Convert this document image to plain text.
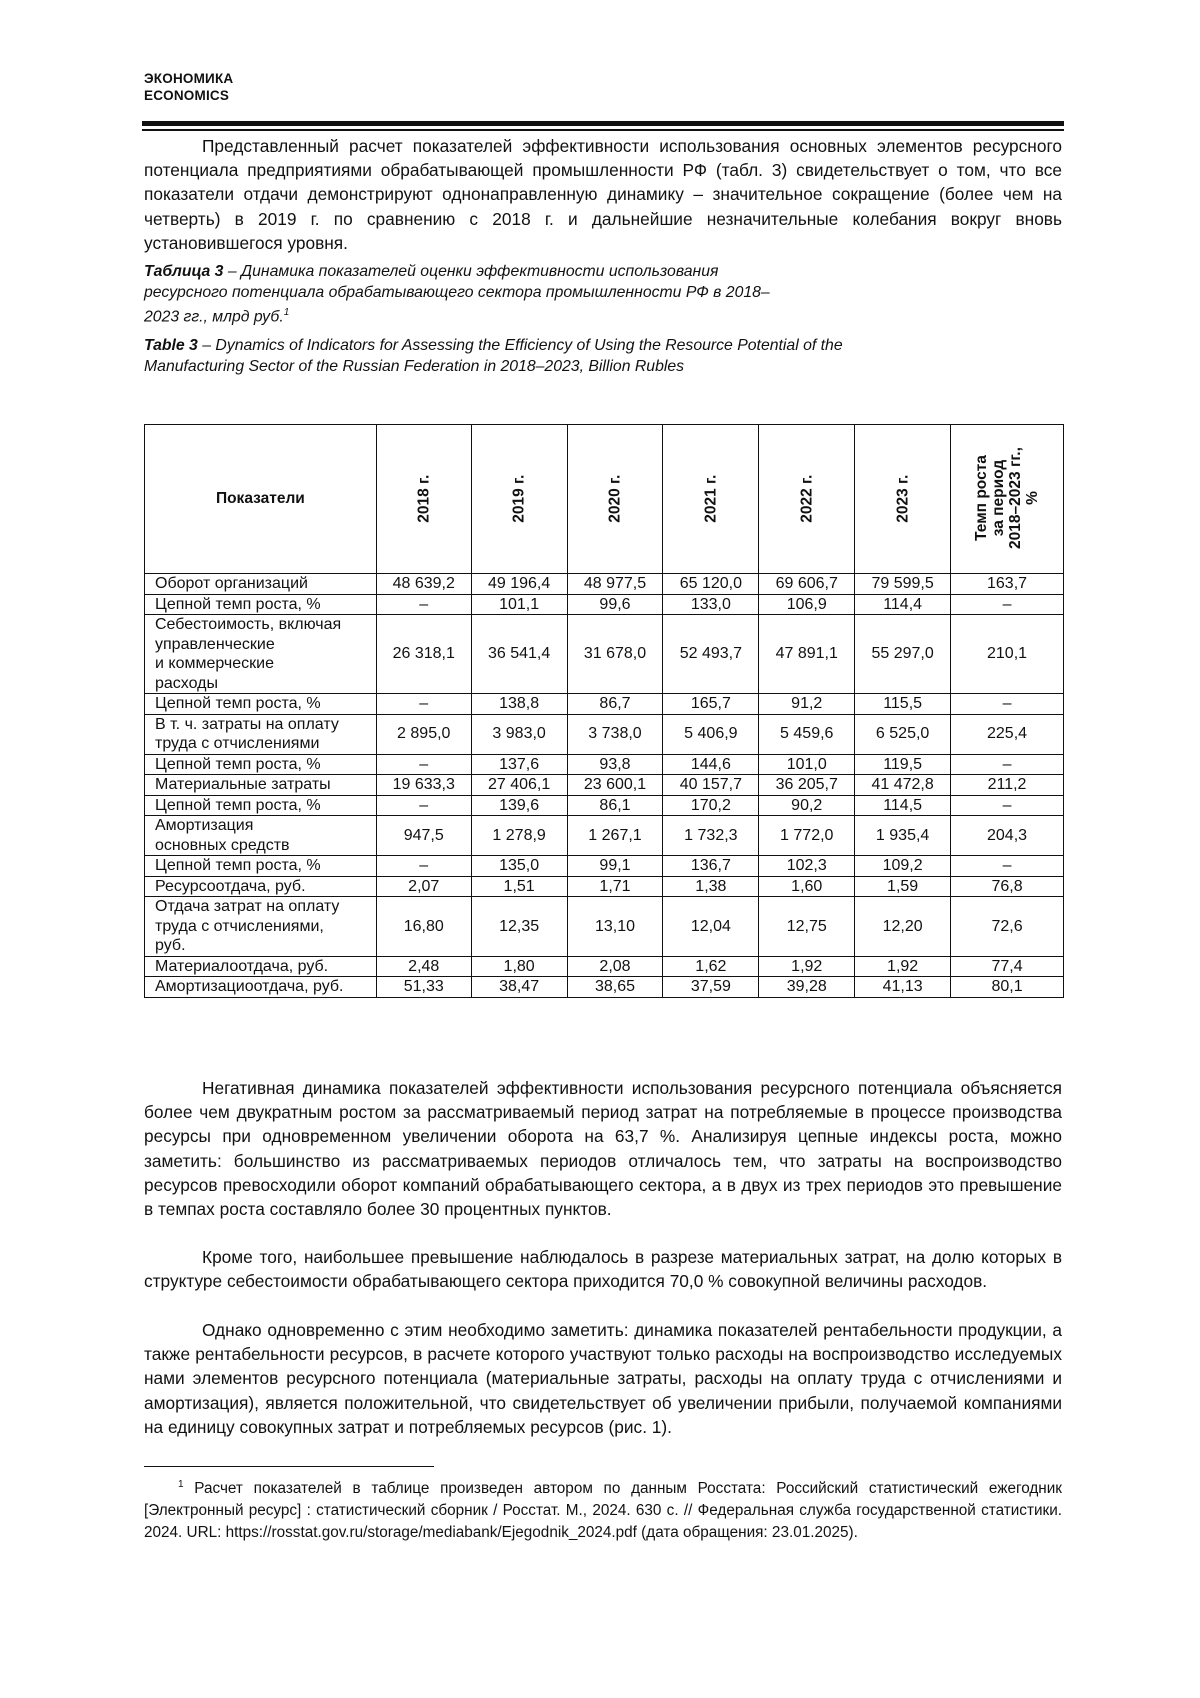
ЭКОНОМИКА
ECONOMICS

Представленный расчет показателей эффективности использования основных элементов ресурсного потенциала предприятиями обрабатывающей промышленности РФ (табл. 3) свидетельствует о том, что все показатели отдачи демонстрируют однонаправленную динамику – значительное сокращение (более чем на четверть) в 2019 г. по сравнению с 2018 г. и дальнейшие незначительные колебания вокруг вновь установившегося уровня.

Таблица 3 – Динамика показателей оценки эффективности использования ресурсного потенциала обрабатывающего сектора промышленности РФ в 2018–2023 гг., млрд руб.$^1$

Table 3 – Dynamics of Indicators for Assessing the Efficiency of Using the Resource Potential of the Manufacturing Sector of the Russian Federation in 2018–2023, Billion Rubles

Показатели	2018 г.	2019 г.	2020 г.	2021 г.	2022 г.	2023 г.	Темп роста
за период
2018–2023 гг.,
%
Оборот организаций	48 639,2	49 196,4	48 977,5	65 120,0	69 606,7	79 599,5	163,7
Цепной темп роста, %	–	101,1	99,6	133,0	106,9	114,4	–
Себестоимость, включая
управленческие
и коммерческие
расходы	26 318,1	36 541,4	31 678,0	52 493,7	47 891,1	55 297,0	210,1
Цепной темп роста, %	–	138,8	86,7	165,7	91,2	115,5	–
В т. ч. затраты на оплату
труда с отчислениями	2 895,0	3 983,0	3 738,0	5 406,9	5 459,6	6 525,0	225,4
Цепной темп роста, %	–	137,6	93,8	144,6	101,0	119,5	–
Материальные затраты	19 633,3	27 406,1	23 600,1	40 157,7	36 205,7	41 472,8	211,2
Цепной темп роста, %	–	139,6	86,1	170,2	90,2	114,5	–
Амортизация
основных средств	947,5	1 278,9	1 267,1	1 732,3	1 772,0	1 935,4	204,3
Цепной темп роста, %	–	135,0	99,1	136,7	102,3	109,2	–
Ресурсоотдача, руб.	2,07	1,51	1,71	1,38	1,60	1,59	76,8
Отдача затрат на оплату
труда с отчислениями,
руб.	16,80	12,35	13,10	12,04	12,75	12,20	72,6
Материалоотдача, руб.	2,48	1,80	2,08	1,62	1,92	1,92	77,4
Амортизациоотдача, руб.	51,33	38,47	38,65	37,59	39,28	41,13	80,1

Негативная динамика показателей эффективности использования ресурсного потенциала объясняется более чем двукратным ростом за рассматриваемый период затрат на потребляемые в процессе производства ресурсы при одновременном увеличении оборота на 63,7 %. Анализируя цепные индексы роста, можно заметить: большинство из рассматриваемых периодов отличалось тем, что затраты на воспроизводство ресурсов превосходили оборот компаний обрабатывающего сектора, а в двух из трех периодов это превышение в темпах роста составляло более 30 процентных пунктов.

Кроме того, наибольшее превышение наблюдалось в разрезе материальных затрат, на долю которых в структуре себестоимости обрабатывающего сектора приходится 70,0 % совокупной величины расходов.

Однако одновременно с этим необходимо заметить: динамика показателей рентабельности продукции, а также рентабельности ресурсов, в расчете которого участвуют только расходы на воспроизводство исследуемых нами элементов ресурсного потенциала (материальные затраты, расходы на оплату труда с отчислениями и амортизация), является положительной, что свидетельствует об увеличении прибыли, получаемой компаниями на единицу совокупных затрат и потребляемых ресурсов (рис. 1).

$^1$ Расчет показателей в таблице произведен автором по данным Росстата: Российский статистический ежегодник [Электронный ресурс] : статистический сборник / Росстат. М., 2024. 630 с. // Федеральная служба государственной статистики. 2024. URL: https://rosstat.gov.ru/storage/mediabank/Ejegodnik_2024.pdf (дата обращения: 23.01.2025).
